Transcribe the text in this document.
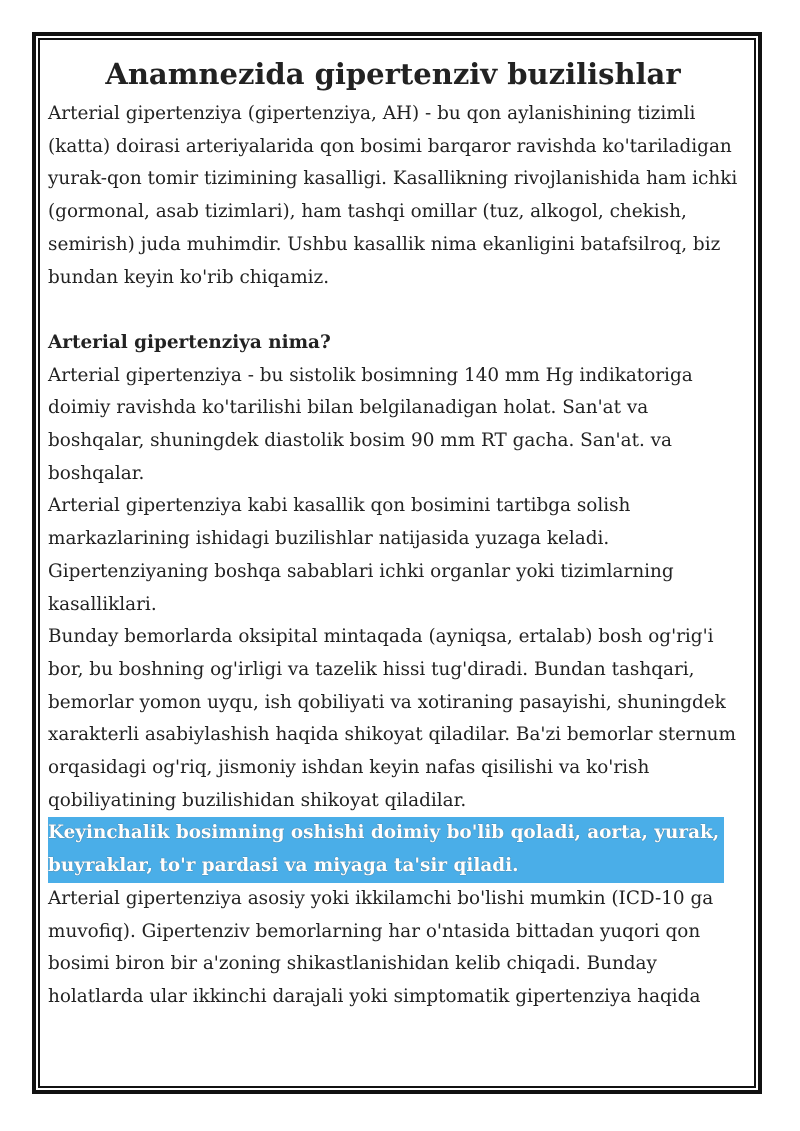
Anamnezida gipertenziv buzilishlar

Arterial gipertenziya (gipertenziya, AH) - bu qon aylanishining tizimli (katta) doirasi arteriyalarida qon bosimi barqaror ravishda ko'tariladigan yurak-qon tomir tizimining kasalligi. Kasallikning rivojlanishida ham ichki (gormonal, asab tizimlari), ham tashqi omillar (tuz, alkogol, chekish, semirish) juda muhimdir. Ushbu kasallik nima ekanligini batafsilroq, biz bundan keyin ko'rib chiqamiz.

Arterial gipertenziya nima?

Arterial gipertenziya - bu sistolik bosimning 140 mm Hg indikatoriga doimiy ravishda ko'tarilishi bilan belgilanadigan holat. San'at va boshqalar, shuningdek diastolik bosim 90 mm RT gacha. San'at. va boshqalar.

Arterial gipertenziya kabi kasallik qon bosimini tartibga solish markazlarining ishidagi buzilishlar natijasida yuzaga keladi. Gipertenziyaning boshqa sabablari ichki organlar yoki tizimlarning kasalliklari.

Bunday bemorlarda oksipital mintaqada (ayniqsa, ertalab) bosh og'rig'i bor, bu boshning og'irligi va tazelik hissi tug'diradi. Bundan tashqari, bemorlar yomon uyqu, ish qobiliyati va xotiraning pasayishi, shuningdek xarakterli asabiylashish haqida shikoyat qiladilar. Ba'zi bemorlar sternum orqasidagi og'riq, jismoniy ishdan keyin nafas qisilishi va ko'rish qobiliyatining buzilishidan shikoyat qiladilar.

Keyinchalik bosimning oshishi doimiy bo'lib qoladi, aorta, yurak, buyraklar, to'r pardasi va miyaga ta'sir qiladi.

Arterial gipertenziya asosiy yoki ikkilamchi bo'lishi mumkin (ICD-10 ga muvofiq). Gipertenziv bemorlarning har o'ntasida bittadan yuqori qon bosimi biron bir a'zoning shikastlanishidan kelib chiqadi. Bunday holatlarda ular ikkinchi darajali yoki simptomatik gipertenziya haqida
